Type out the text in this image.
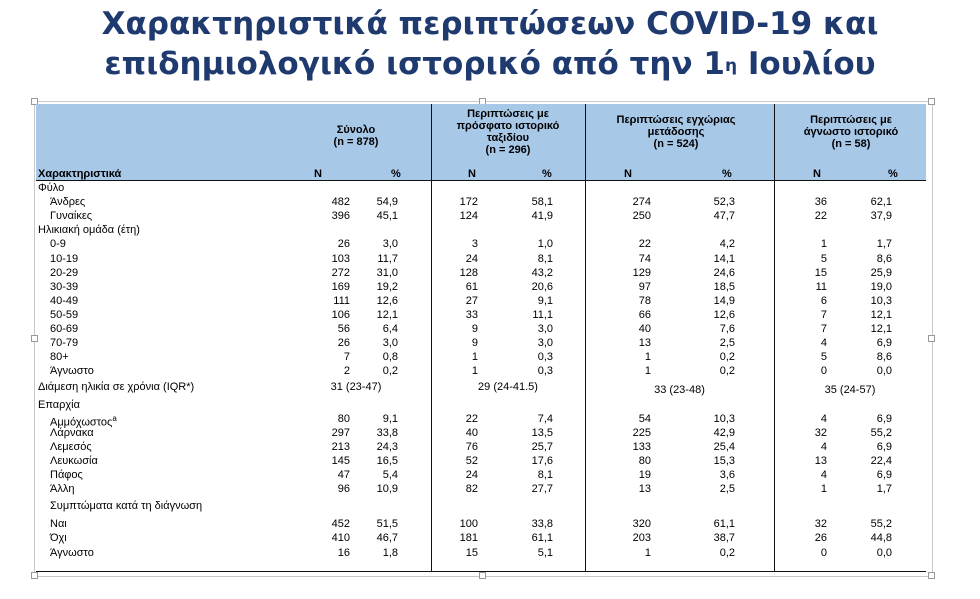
Χαρακτηριστικά περιπτώσεων COVID-19 και
επιδημιολογικό ιστορικό από την $1^\eta$ Ιουλίου
Σύνολο
(n = 878)
Περιπτώσεις με
πρόσφατο ιστορικό
ταξιδίου
(n = 296)
Περιπτώσεις εγχώριας
μετάδοσης
(n = 524)
Περιπτώσεις με
άγνωστο ιστορικό
(n = 58)
Χαρακτηριστικά	N	%	N	%	N	%	N	%
Φύλο
Άνδρες	482 54,9	172	58,1	274	52,3	36	62,1
Γυναίκες	396 45,1	124	41,9	250	47,7	22	37,9
Ηλικιακή ομάδα (έτη)
0-9	26	3,0	3	1,0	22	4,2	1	1,7
10-19	103 11,7	24	8,1	74	14,1	5	8,6
20-29	272 31,0	128	43,2	129	24,6	15	25,9
30-39	169 19,2	61	20,6	97	18,5	11	19,0
40-49	111 12,6	27	9,1	78	14,9	6	10,3
50-59	106 12,1	33	11,1	66	12,6	7	12,1
60-69	56	6,4	9	3,0	40	7,6	7	12,1
70-79	26	3,0	9	3,0	13	2,5	4	6,9
80+	7	0,8	1	0,3	1	0,2	5	8,6
Άγνωστο	2	0,2	1	0,3	1	0,2	0	0,0
Διάμεση ηλικία σε χρόνια (IQR*)	31 (23-47)	29 (24-41.5)	33 (23-48)	35 (24-57)
Επαρχία
Αμμόχωστος$^a$	80	9,1	22	7,4	54	10,3	4	6,9
Λάρνακα	297 33,8	40	13,5	225	42,9	32	55,2
Λεμεσός	213 24,3	76	25,7	133	25,4	4	6,9
Λευκωσία	145 16,5	52	17,6	80	15,3	13	22,4
Πάφος	47	5,4	24	8,1	19	3,6	4	6,9
Άλλη	96 10,9	82	27,7	13	2,5	1	1,7
Συμπτώματα κατά τη διάγνωση
Ναι	452 51,5	100	33,8	320	61,1	32	55,2
Όχι	410 46,7	181	61,1	203	38,7	26	44,8
Άγνωστο	16	1,8	15	5,1	1	0,2	0	0,0
